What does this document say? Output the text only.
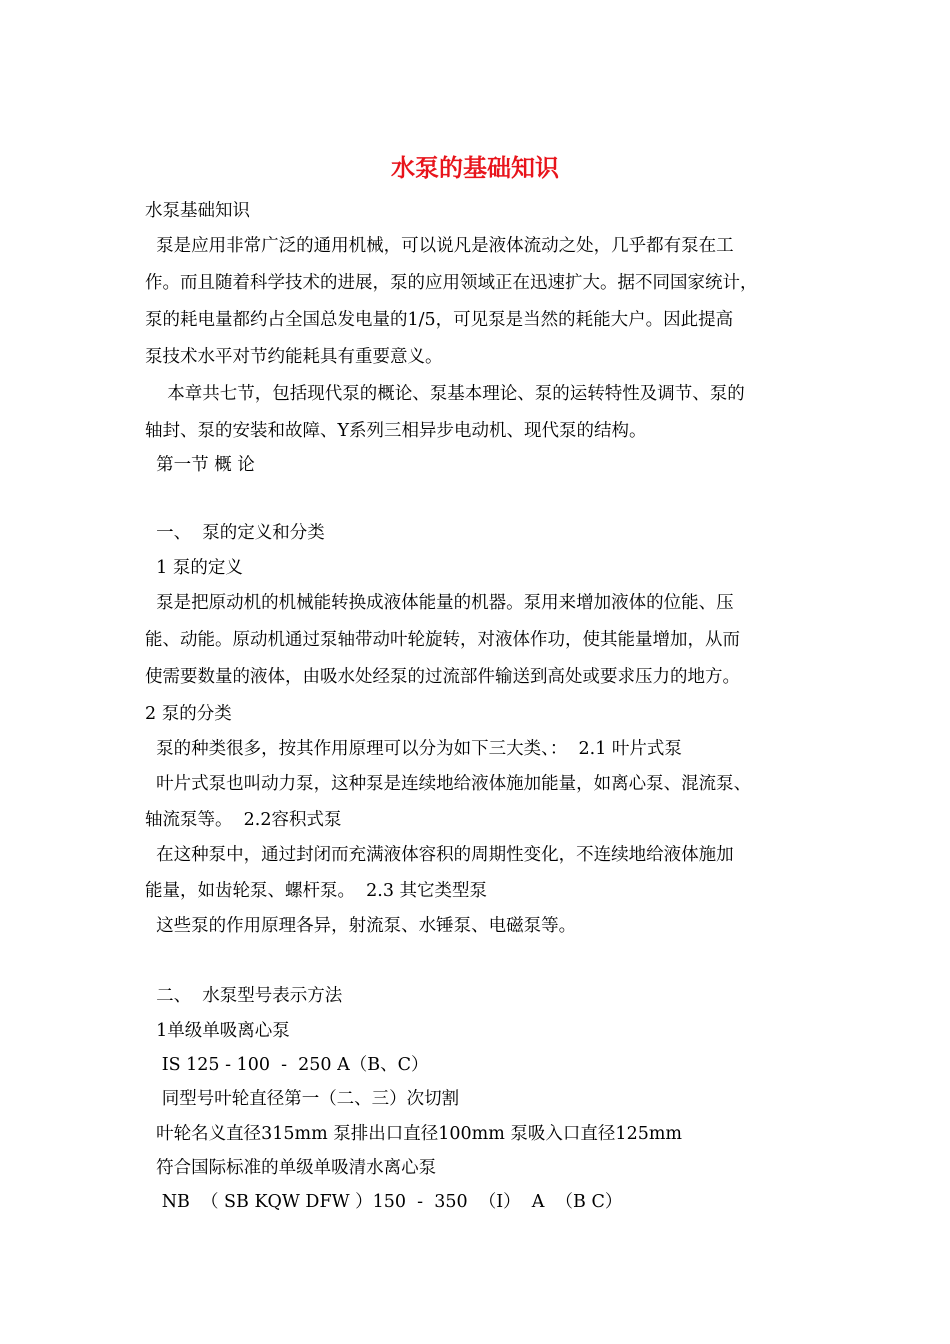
水泵的基础知识
水泵基础知识
泵是应用非常广泛的通用机械，可以说凡是液体流动之处，几乎都有泵在工
作。而且随着科学技术的进展，泵的应用领域正在迅速扩大。据不同国家统计，
泵的耗电量都约占全国总发电量的1/5，可见泵是当然的耗能大户。因此提高
泵技术水平对节约能耗具有重要意义。
本章共七节，包括现代泵的概论、泵基本理论、泵的运转特性及调节、泵的
轴封、泵的安装和故障、Y系列三相异步电动机、现代泵的结构。
第一节 概 论
一、  泵的定义和分类
1 泵的定义
泵是把原动机的机械能转换成液体能量的机器。泵用来增加液体的位能、压
能、动能。原动机通过泵轴带动叶轮旋转，对液体作功，使其能量增加，从而
使需要数量的液体，由吸水处经泵的过流部件输送到高处或要求压力的地方。
2 泵的分类
泵的种类很多，按其作用原理可以分为如下三大类、：  2.1 叶片式泵
叶片式泵也叫动力泵，这种泵是连续地给液体施加能量，如离心泵、混流泵、
轴流泵等。  2.2容积式泵
在这种泵中，通过封闭而充满液体容积的周期性变化，不连续地给液体施加
能量，如齿轮泵、螺杆泵。  2.3 其它类型泵
这些泵的作用原理各异，射流泵、水锤泵、电磁泵等。
二、  水泵型号表示方法
1单级单吸离心泵
IS 125 - 100  -  250 A（B、C）
同型号叶轮直径第一（二、三）次切割
叶轮名义直径315mm 泵排出口直径100mm 泵吸入口直径125mm
符合国际标准的单级单吸清水离心泵
NB  （ SB KQW DFW ）150  -  350  （I）  A  （B C）
